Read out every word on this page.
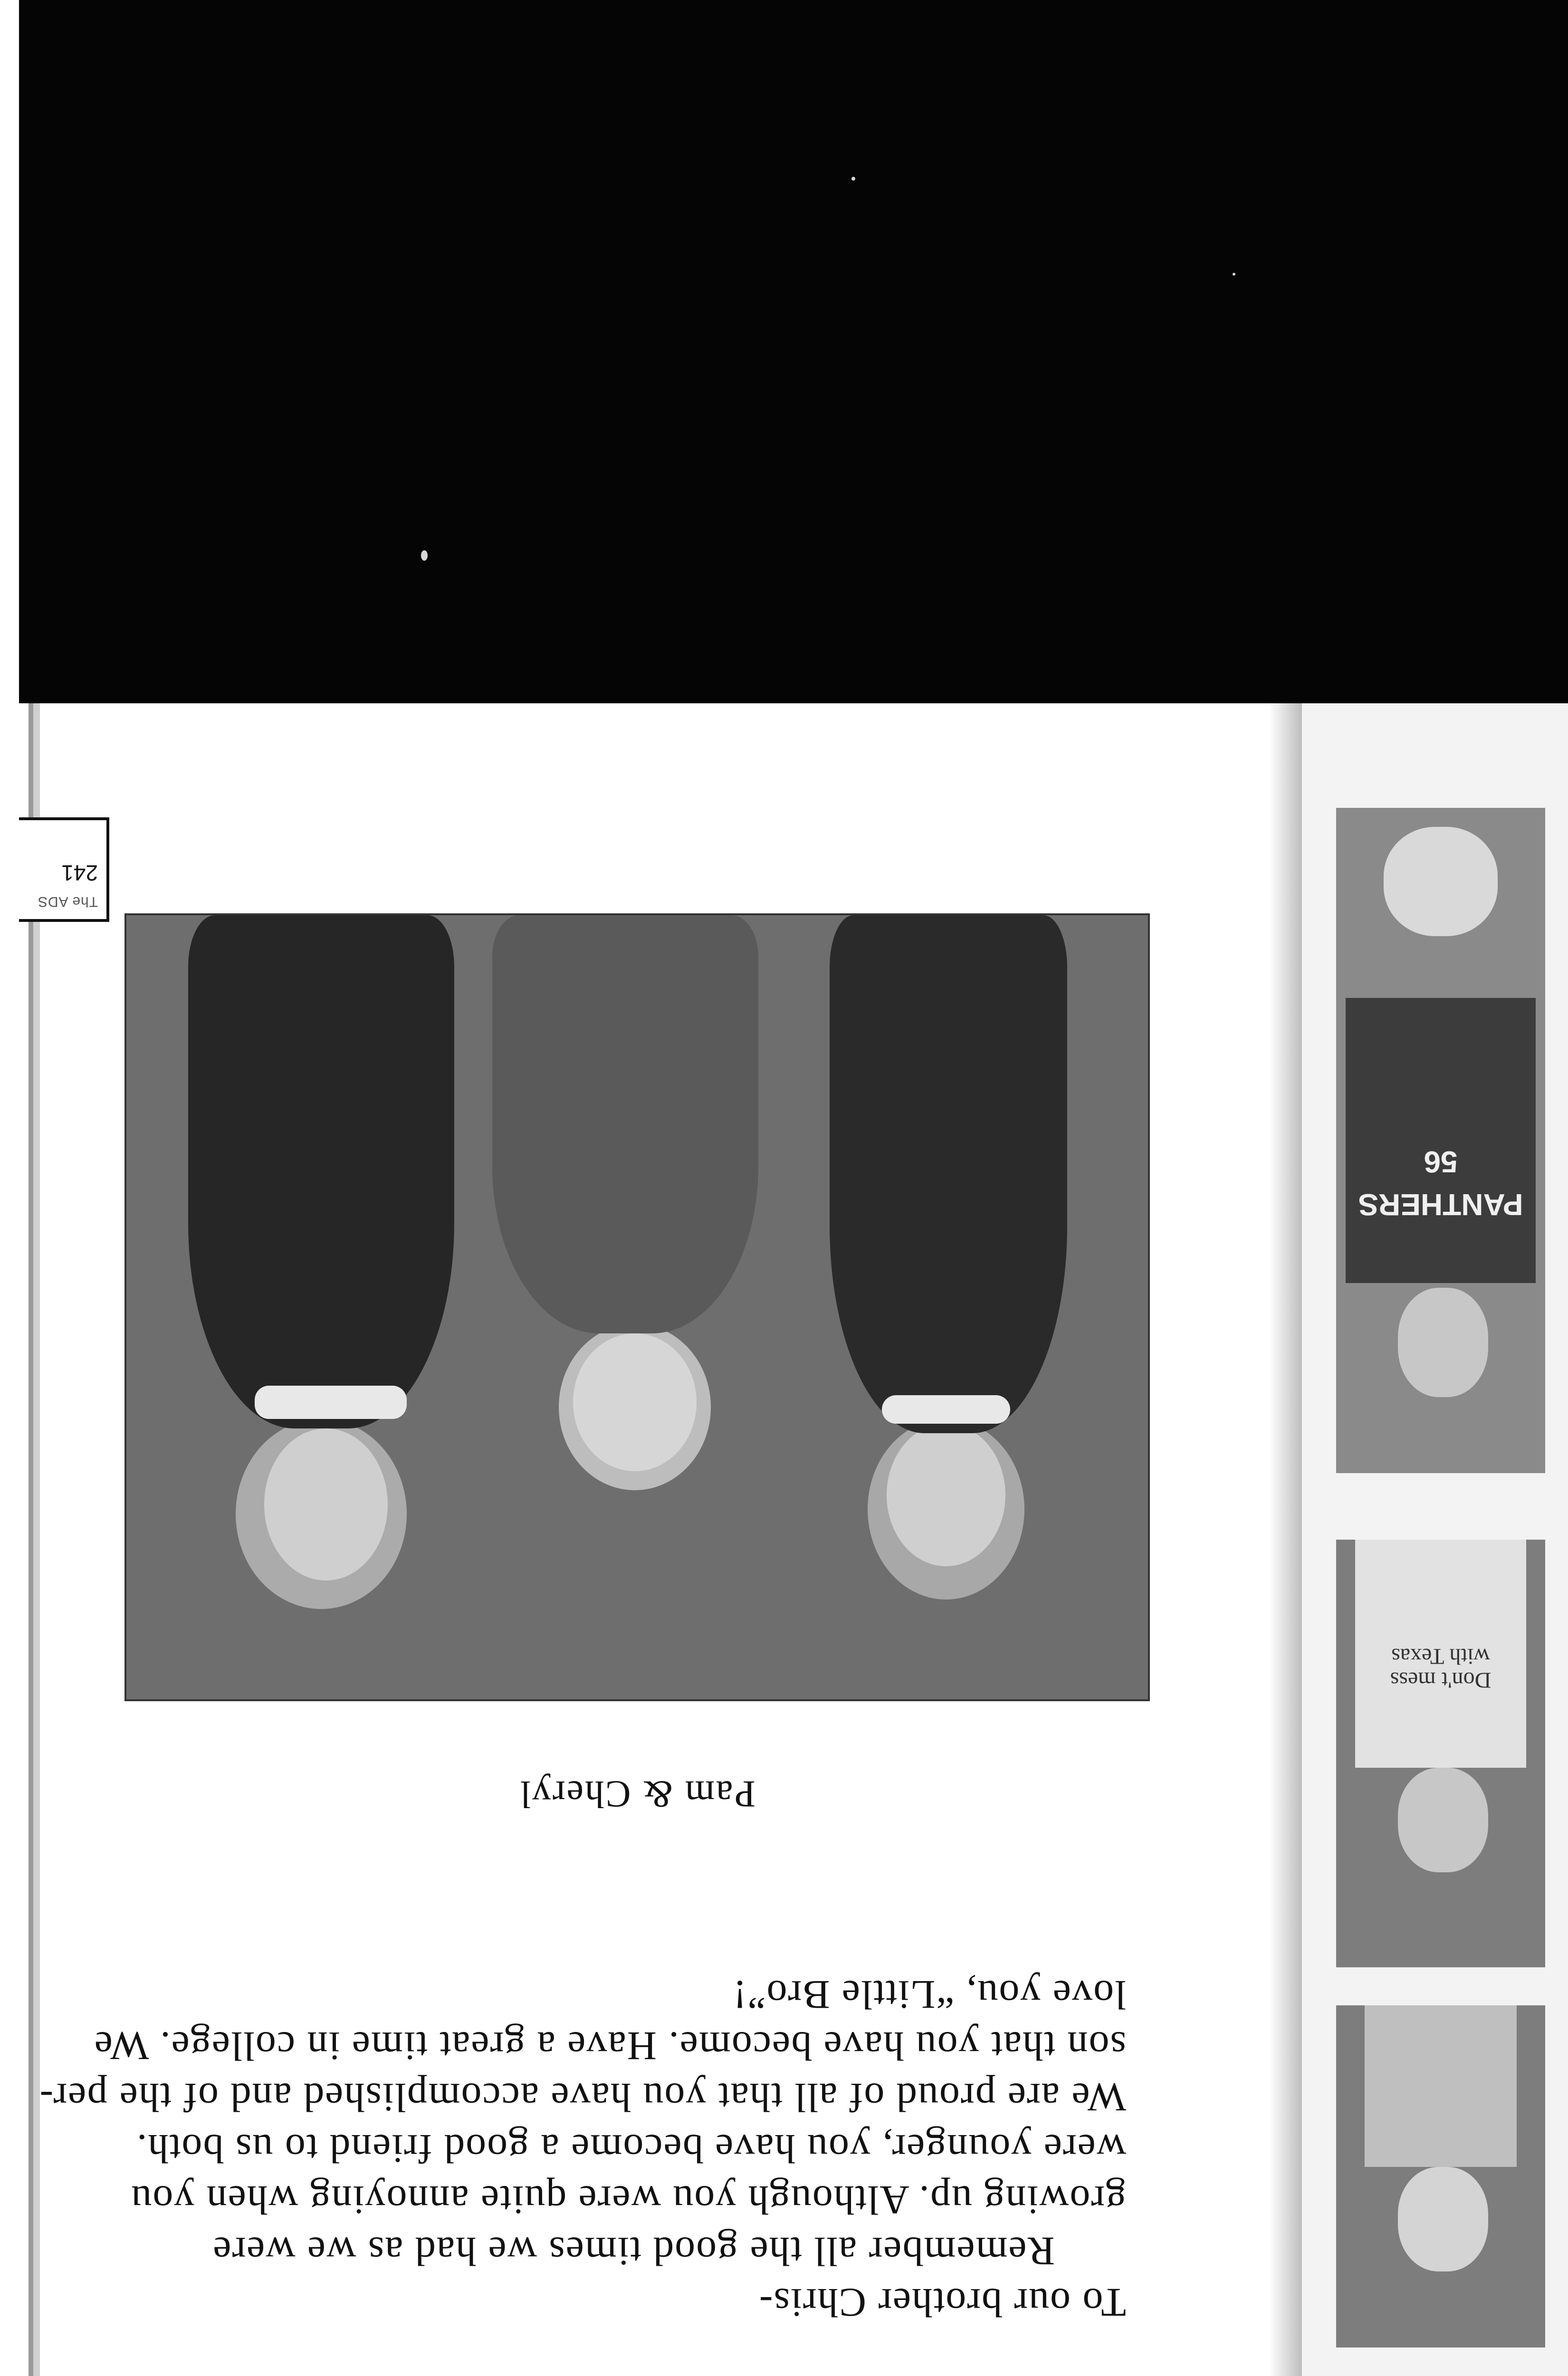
Don't mess with Texas
PANTHERS 56

To our brother Chris-

Remember all the good times we had as we were

growing up. Although you were quite annoying when you

were younger, you have become a good friend to us both.

We are proud of all that you have accomplished and of the per-

son that you have become. Have a great time in college. We

love you, “Little Bro”!

Pam & Cheryl
The ADS
241
